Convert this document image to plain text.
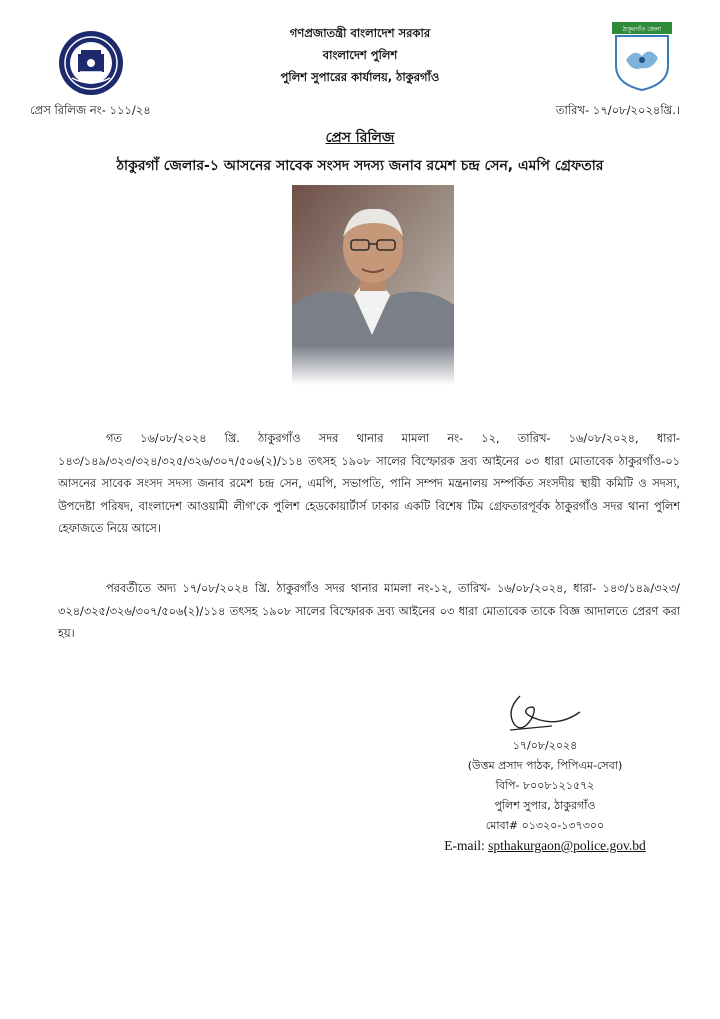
ঠাকুরগাঁও জেলা
গণপ্রজাতন্ত্রী বাংলাদেশ সরকার
বাংলাদেশ পুলিশ
পুলিশ সুপারের কার্যালয়, ঠাকুরগাঁও
প্রেস রিলিজ নং- ১১১/২৪	তারিখ- ১৭/০৮/২০২৪খ্রি.।
প্রেস রিলিজ
ঠাকুরগাঁ জেলার-১ আসনের সাবেক সংসদ সদস্য জনাব রমেশ চন্দ্র সেন, এমপি গ্রেফতার
গত ১৬/০৮/২০২৪ খ্রি. ঠাকুরগাঁও সদর থানার মামলা নং- ১২, তারিখ- ১৬/০৮/২০২৪, ধারা- ১৪৩/১৪৯/৩২৩/৩২৪/৩২৫/৩২৬/৩০৭/৫০৬(২)/১১৪ তৎসহ ১৯০৮ সালের বিস্ফোরক দ্রব্য আইনের ০৩ ধারা মোতাবেক ঠাকুরগাঁও-০১ আসনের সাবেক সংসদ সদস্য জনাব রমেশ চন্দ্র সেন, এমপি, সভাপতি, পানি সম্পদ মন্ত্রনালয় সম্পর্কিত সংসদীয় স্থায়ী কমিটি ও সদস্য, উপদেষ্টা পরিষদ, বাংলাদেশ আওয়ামী লীগ'কে পুলিশ হেডকোয়ার্টার্স ঢাকার একটি বিশেষ টিম গ্রেফতারপূর্বক ঠাকুরগাঁও সদর থানা পুলিশ হেফাজতে নিয়ে আসে।
পরবর্তীতে অদ্য ১৭/০৮/২০২৪ খ্রি. ঠাকুরগাঁও সদর থানার মামলা নং-১২, তারিখ- ১৬/০৮/২০২৪, ধারা- ১৪৩/১৪৯/৩২৩/ ৩২৪/৩২৫/৩২৬/৩০৭/৫০৬(২)/১১৪ তৎসহ ১৯০৮ সালের বিস্ফোরক দ্রব্য আইনের ০৩ ধারা মোতাবেক তাকে বিজ্ঞ আদালতে প্রেরণ করা হয়।
১৭/০৮/২০২৪
(উত্তম প্রসাদ পাঠক, পিপিএম-সেবা)
বিপি- ৮০০৮১২১৫৭২
পুলিশ সুপার, ঠাকুরগাঁও
মোবা# ০১৩২০-১৩৭৩০০
E-mail: spthakurgaon@police.gov.bd
